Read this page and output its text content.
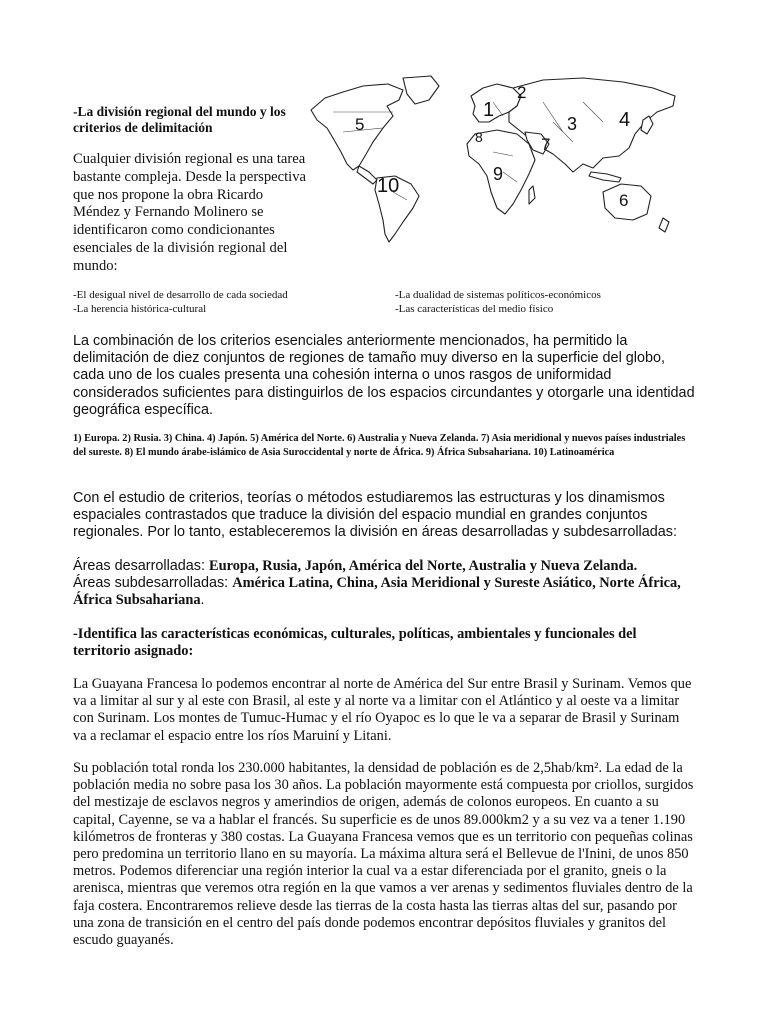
-La división regional del mundo y los criterios de delimitación
Cualquier división regional es una tarea bastante compleja. Desde la perspectiva que nos propone la obra Ricardo Méndez y Fernando Molinero se identificaron como condicionantes esenciales de la división regional del mundo:
1
2
3 4
5
6
7
8
9
10
-El desigual nivel de desarrollo de cada sociedad	-La dualidad de sistemas políticos-económicos
-La herencia histórica-cultural	-Las características del medio físico
La combinación de los criterios esenciales anteriormente mencionados, ha permitido la delimitación de diez conjuntos de regiones de tamaño muy diverso en la superficie del globo, cada uno de los cuales presenta una cohesión interna o unos rasgos de uniformidad considerados suficientes para distinguirlos de los espacios circundantes y otorgarle una identidad geográfica específica.
1) Europa. 2) Rusia. 3) China. 4) Japón. 5) América del Norte. 6) Australia y Nueva Zelanda. 7) Asia meridional y nuevos países industriales del sureste. 8) El mundo árabe-islámico de Asia Suroccidental y norte de África. 9) África Subsahariana. 10) Latinoamérica
Con el estudio de criterios, teorías o métodos estudiaremos las estructuras y los dinamismos espaciales contrastados que traduce la división del espacio mundial en grandes conjuntos regionales. Por lo tanto, estableceremos la división en áreas desarrolladas y subdesarrolladas:
Áreas desarrolladas: Europa, Rusia, Japón, América del Norte, Australia y Nueva Zelanda.
Áreas subdesarrolladas: América Latina, China, Asia Meridional y Sureste Asiático, Norte África, África Subsahariana.
-Identifica las características económicas, culturales, políticas, ambientales y funcionales del territorio asignado:
La Guayana Francesa lo podemos encontrar al norte de América del Sur entre Brasil y Surinam. Vemos que va a limitar al sur y al este con Brasil, al este y al norte va a limitar con el Atlántico y al oeste va a limitar con Surinam. Los montes de Tumuc-Humac y el río Oyapoc es lo que le va a separar de Brasil y Surinam va a reclamar el espacio entre los ríos Maruiní y Litani.
Su población total ronda los 230.000 habitantes, la densidad de población es de 2,5hab/km². La edad de la población media no sobre pasa los 30 años. La población mayormente está compuesta por criollos, surgidos del mestizaje de esclavos negros y amerindios de origen, además de colonos europeos. En cuanto a su capital, Cayenne, se va a hablar el francés. Su superficie es de unos 89.000km2 y a su vez va a tener 1.190 kilómetros de fronteras y 380 costas. La Guayana Francesa vemos que es un territorio con pequeñas colinas pero predomina un territorio llano en su mayoría. La máxima altura será el Bellevue de l'Inini, de unos 850 metros. Podemos diferenciar una región interior la cual va a estar diferenciada por el granito, gneis o la arenisca, mientras que veremos otra región en la que vamos a ver arenas y sedimentos fluviales dentro de la faja costera. Encontraremos relieve desde las tierras de la costa hasta las tierras altas del sur, pasando por una zona de transición en el centro del país donde podemos encontrar depósitos fluviales y granitos del escudo guayanés.
